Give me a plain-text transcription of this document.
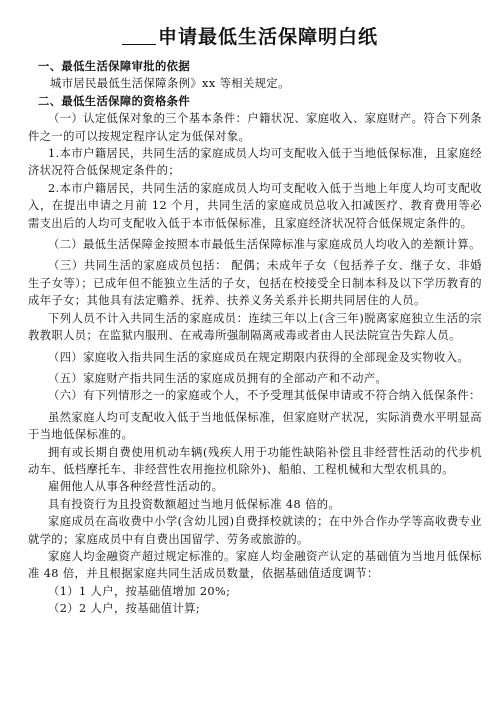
申请最低生活保障明白纸

一、最低生活保障审批的依据

城市居民最低生活保障条例》xx 等相关规定。

二、最低生活保障的资格条件

（一）认定低保对象的三个基本条件：户籍状况、家庭收入、家庭财产。符合下列条件之一的可以按规定程序认定为低保对象。

1.本市户籍居民，共同生活的家庭成员人均可支配收入低于当地低保标准，且家庭经济状况符合低保规定条件的；

2.本市户籍居民，共同生活的家庭成员人均可支配收入低于当地上年度人均可支配收入，在提出申请之月前 12 个月，共同生活的家庭成员总收入扣减医疗、教育费用等必需支出后的人均可支配收入低于本市低保标准，且家庭经济状况符合低保规定条件的。

（二）最低生活保障金按照本市最低生活保障标准与家庭成员人均收入的差额计算。

（三）共同生活的家庭成员包括： 配偶；未成年子女（包括养子女、继子女、非婚生子女等）；已成年但不能独立生活的子女，包括在校接受全日制本科及以下学历教育的成年子女；其他具有法定赡养、抚养、扶养义务关系并长期共同居住的人员。

下列人员不计入共同生活的家庭成员：连续三年以上(含三年)脱离家庭独立生活的宗教教职人员；在监狱内服刑、在戒毒所强制隔离戒毒或者由人民法院宣告失踪人员。

（四）家庭收入指共同生活的家庭成员在规定期限内获得的全部现金及实物收入。

（五）家庭财产指共同生活的家庭成员拥有的全部动产和不动产。

（六）有下列情形之一的家庭或个人，不予受理其低保申请或不符合纳入低保条件：

虽然家庭人均可支配收入低于当地低保标准，但家庭财产状况，实际消费水平明显高于当地低保标准的。

拥有或长期自费使用机动车辆(残疾人用于功能性缺陷补偿且非经营性活动的代步机动车、低档摩托车、非经营性农用拖拉机除外)、船舶、工程机械和大型农机具的。

雇佣他人从事各种经营性活动的。

具有投资行为且投资数额超过当地月低保标准 48 倍的。

家庭成员在高收费中小学(含幼儿园)自费择校就读的；在中外合作办学等高收费专业就学的；家庭成员中有自费出国留学、劳务或旅游的。

家庭人均金融资产超过规定标准的。家庭人均金融资产认定的基础值为当地月低保标准 48 倍，并且根据家庭共同生活成员数量，依据基础值适度调节：

（1）1 人户，按基础值增加 20%;

（2）2 人户，按基础值计算;
